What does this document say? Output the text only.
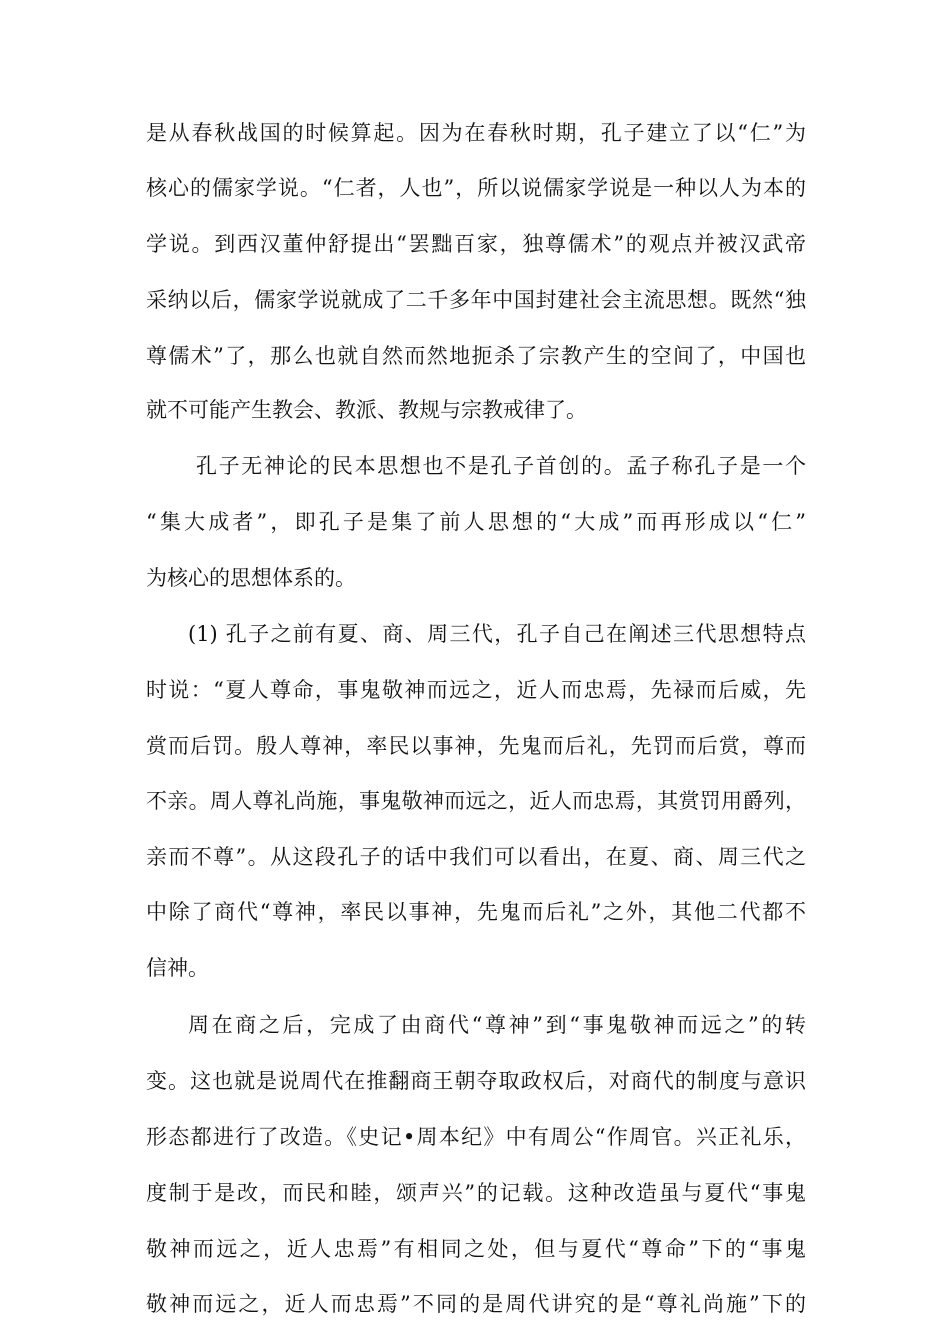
是从春秋战国的时候算起。因为在春秋时期，孔子建立了以“仁”为
核心的儒家学说。“仁者，人也”，所以说儒家学说是一种以人为本的
学说。到西汉董仲舒提出“罢黜百家，独尊儒术”的观点并被汉武帝
采纳以后，儒家学说就成了二千多年中国封建社会主流思想。既然“独
尊儒术”了，那么也就自然而然地扼杀了宗教产生的空间了，中国也
就不可能产生教会、教派、教规与宗教戒律了。
孔子无神论的民本思想也不是孔子首创的。孟子称孔子是一个
“集大成者”，即孔子是集了前人思想的“大成”而再形成以“仁”
为核心的思想体系的。
(1) 孔子之前有夏、商、周三代，孔子自己在阐述三代思想特点
时说：“夏人尊命，事鬼敬神而远之，近人而忠焉，先禄而后威，先
赏而后罚。殷人尊神，率民以事神，先鬼而后礼，先罚而后赏，尊而
不亲。周人尊礼尚施，事鬼敬神而远之，近人而忠焉，其赏罚用爵列，
亲而不尊”。从这段孔子的话中我们可以看出，在夏、商、周三代之
中除了商代“尊神，率民以事神，先鬼而后礼”之外，其他二代都不
信神。
周在商之后，完成了由商代“尊神”到“事鬼敬神而远之”的转
变。这也就是说周代在推翻商王朝夺取政权后，对商代的制度与意识
形态都进行了改造。《史记•周本纪》中有周公“作周官。兴正礼乐，
度制于是改，而民和睦，颂声兴”的记载。这种改造虽与夏代“事鬼
敬神而远之，近人忠焉”有相同之处，但与夏代“尊命”下的“事鬼
敬神而远之，近人而忠焉”不同的是周代讲究的是“尊礼尚施”下的
